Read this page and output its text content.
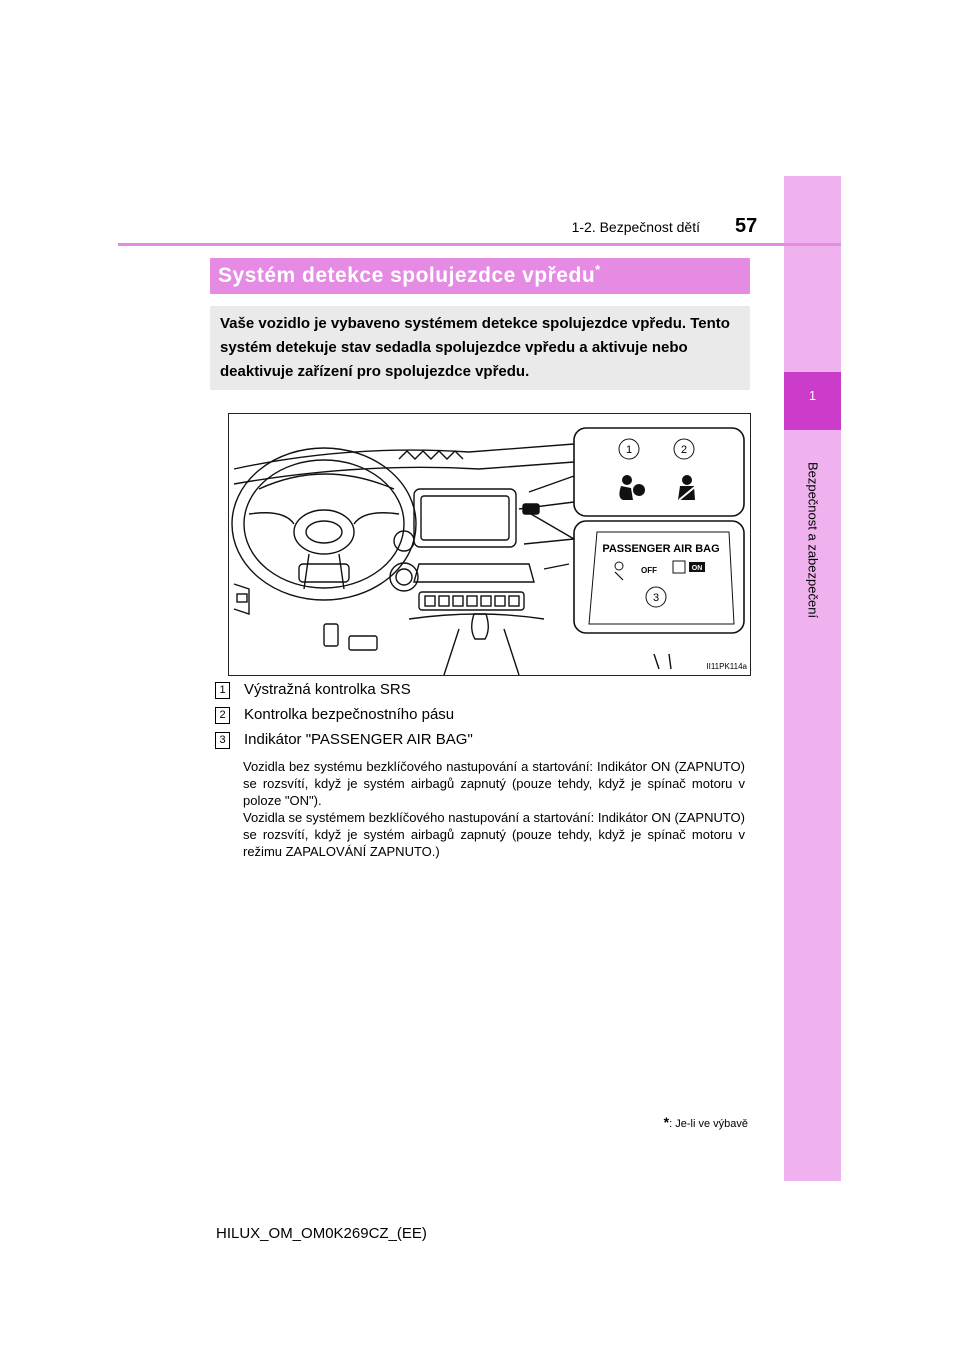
1
Bezpečnost a zabezpečení
1-2. Bezpečnost dětí 57
Systém detekce spolujezdce vpředu*
Vaše vozidlo je vybaveno systémem detekce spolujezdce vpředu. Tento systém detekuje stav sedadla spolujezdce vpředu a aktivuje nebo deaktivuje zařízení pro spolujezdce vpředu.
1	2
PASSENGER AIR BAG
OFF	ON
3
II11PK114a
1 Výstražná kontrolka SRS
2 Kontrolka bezpečnostního pásu
3 Indikátor "PASSENGER AIR BAG"

Vozidla bez systému bezklíčového nastupování a startování: Indikátor ON (ZAPNUTO) se rozsvítí, když je systém airbagů zapnutý (pouze tehdy, když je spínač motoru v poloze "ON").

Vozidla se systémem bezklíčového nastupování a startování: Indikátor ON (ZAPNUTO) se rozsvítí, když je systém airbagů zapnutý (pouze tehdy, když je spínač motoru v režimu ZAPALOVÁNÍ ZAPNUTO.)

*: Je-li ve výbavě
HILUX_OM_OM0K269CZ_(EE)
